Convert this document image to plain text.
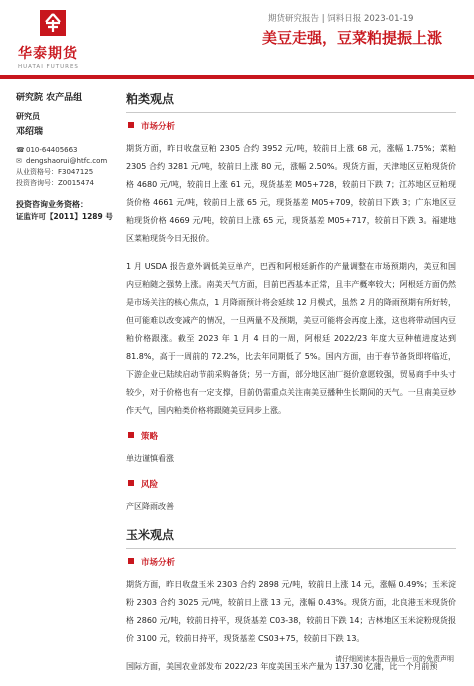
华泰期货
HUATAI FUTURES
期货研究报告 | 饲料日报 2023-01-19
美豆走强，豆菜粕提振上涨
研究院 农产品组
研究员
邓绍瑞
☎010-64405663
✉ dengshaorui@htfc.com
从业资格号：F3047125
投资咨询号：Z0015474
投资咨询业务资格：
证监许可【2011】1289 号
粕类观点
市场分析
期货方面，昨日收盘豆粕 2305 合约 3952 元/吨，较前日上涨 68 元，涨幅 1.75%；菜粕 2305 合约 3281 元/吨，较前日上涨 80 元，涨幅 2.50%。现货方面，天津地区豆粕现货价格 4680 元/吨，较前日上涨 61 元，现货基差 M05+728，较前日下跌 7；江苏地区豆粕现货价格 4661 元/吨，较前日上涨 65 元，现货基差 M05+709，较前日下跌 3；广东地区豆粕现货价格 4669 元/吨，较前日上涨 65 元，现货基差 M05+717，较前日下跌 3。福建地区菜粕现货今日无报价。
1 月 USDA 报告意外调低美豆单产，巴西和阿根廷新作的产量调整在市场预期内，美豆和国内豆粕随之强势上涨。南美天气方面，目前巴西基本正常，且丰产概率较大；阿根廷方面仍然是市场关注的核心焦点，1 月降雨预计将会延续 12 月模式，虽然 2 月的降雨预期有所好转，但可能难以改变减产的情况，一旦两量不及预期，美豆可能将会再度上涨，这也将带动国内豆粕价格跟涨。截至 2023 年 1 月 4 日的一周，阿根廷 2022/23 年度大豆种植进度达到 81.8%，高于一周前的 72.2%，比去年同期低了 5%。国内方面，由于春节备货即将临近，下游企业已陆续启动节前采购备货；另一方面，部分地区油厂挺价意愿较强，贸易商手中头寸较少，对于价格也有一定支撑，目前仍需重点关注南美豆播种生长期间的天气。一旦南美豆炒作天气，国内粕类价格将跟随美豆同步上涨。
策略
单边谨慎看涨
风险
产区降雨改善
玉米观点
市场分析
期货方面，昨日收盘玉米 2303 合约 2898 元/吨，较前日上涨 14 元，涨幅 0.49%；玉米淀粉 2303 合约 3025 元/吨，较前日上涨 13 元，涨幅 0.43%。现货方面，北良港玉米现货价格 2860 元/吨，较前日持平，现货基差 C03-38，较前日下跌 14；吉林地区玉米淀粉现货报价 3100 元，较前日持平，现货基差 CS03+75，较前日下跌 13。
国际方面，美国农业部发布 2022/23 年度美国玉米产量为 137.30 亿蒲，比一个月前预
请仔细阅读本报告最后一页的免责声明
